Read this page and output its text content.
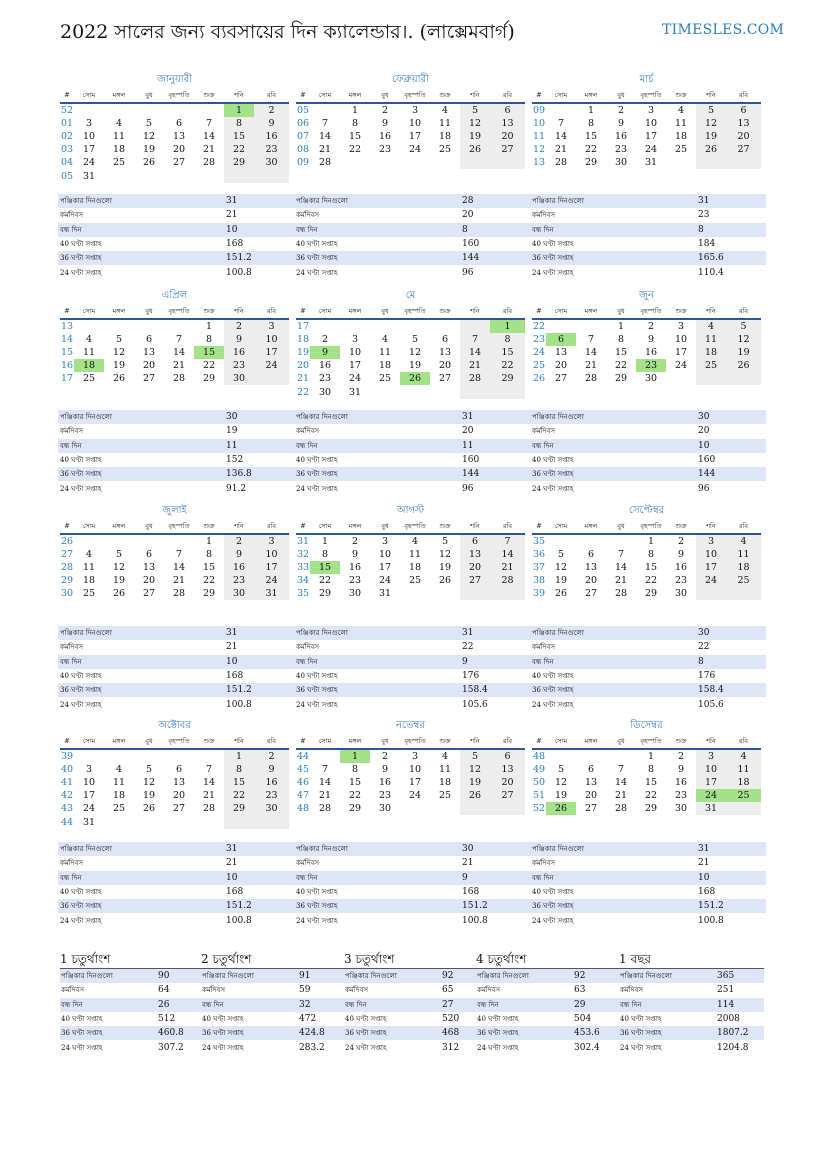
2022 সালের জন্য ব্যবসায়ের দিন ক্যালেন্ডার।. (লাক্সেমবার্গ)	TIMESLES.COM
জানুয়ারী
#	সোম	মঙ্গল	বুধ	বৃহস্পতি	শুক্র	শনি	রবি
52						1	2
01	3	4	5	6	7	8	9
02	10	11	12	13	14	15	16
03	17	18	19	20	21	22	23
04	24	25	26	27	28	29	30
05	31						
পঞ্জিকার দিনগুলো	31
কর্মদিবস	21
বন্ধ দিন	10
40 ঘণ্টা সপ্তাহ	168
36 ঘণ্টা সপ্তাহ	151.2
24 ঘণ্টা সপ্তাহ	100.8
ফেব্রুয়ারী
#	সোম	মঙ্গল	বুধ	বৃহস্পতি	শুক্র	শনি	রবি
05		1	2	3	4	5	6
06	7	8	9	10	11	12	13
07	14	15	16	17	18	19	20
08	21	22	23	24	25	26	27
09	28						
পঞ্জিকার দিনগুলো	28
কর্মদিবস	20
বন্ধ দিন	8
40 ঘণ্টা সপ্তাহ	160
36 ঘণ্টা সপ্তাহ	144
24 ঘণ্টা সপ্তাহ	96
মার্চ
#	সোম	মঙ্গল	বুধ	বৃহস্পতি	শুক্র	শনি	রবি
09		1	2	3	4	5	6
10	7	8	9	10	11	12	13
11	14	15	16	17	18	19	20
12	21	22	23	24	25	26	27
13	28	29	30	31			
পঞ্জিকার দিনগুলো	31
কর্মদিবস	23
বন্ধ দিন	8
40 ঘণ্টা সপ্তাহ	184
36 ঘণ্টা সপ্তাহ	165.6
24 ঘণ্টা সপ্তাহ	110.4
এপ্রিল
#	সোম	মঙ্গল	বুধ	বৃহস্পতি	শুক্র	শনি	রবি
13					1	2	3
14	4	5	6	7	8	9	10
15	11	12	13	14	15	16	17
16	18	19	20	21	22	23	24
17	25	26	27	28	29	30	
পঞ্জিকার দিনগুলো	30
কর্মদিবস	19
বন্ধ দিন	11
40 ঘণ্টা সপ্তাহ	152
36 ঘণ্টা সপ্তাহ	136.8
24 ঘণ্টা সপ্তাহ	91.2
মে
#	সোম	মঙ্গল	বুধ	বৃহস্পতি	শুক্র	শনি	রবি
17							1
18	2	3	4	5	6	7	8
19	9	10	11	12	13	14	15
20	16	17	18	19	20	21	22
21	23	24	25	26	27	28	29
22	30	31					
পঞ্জিকার দিনগুলো	31
কর্মদিবস	20
বন্ধ দিন	11
40 ঘণ্টা সপ্তাহ	160
36 ঘণ্টা সপ্তাহ	144
24 ঘণ্টা সপ্তাহ	96
জুন
#	সোম	মঙ্গল	বুধ	বৃহস্পতি	শুক্র	শনি	রবি
22			1	2	3	4	5
23	6	7	8	9	10	11	12
24	13	14	15	16	17	18	19
25	20	21	22	23	24	25	26
26	27	28	29	30			
পঞ্জিকার দিনগুলো	30
কর্মদিবস	20
বন্ধ দিন	10
40 ঘণ্টা সপ্তাহ	160
36 ঘণ্টা সপ্তাহ	144
24 ঘণ্টা সপ্তাহ	96
জুলাই
#	সোম	মঙ্গল	বুধ	বৃহস্পতি	শুক্র	শনি	রবি
26					1	2	3
27	4	5	6	7	8	9	10
28	11	12	13	14	15	16	17
29	18	19	20	21	22	23	24
30	25	26	27	28	29	30	31
পঞ্জিকার দিনগুলো	31
কর্মদিবস	21
বন্ধ দিন	10
40 ঘণ্টা সপ্তাহ	168
36 ঘণ্টা সপ্তাহ	151.2
24 ঘণ্টা সপ্তাহ	100.8
আগস্ট
#	সোম	মঙ্গল	বুধ	বৃহস্পতি	শুক্র	শনি	রবি
31	1	2	3	4	5	6	7
32	8	9	10	11	12	13	14
33	15	16	17	18	19	20	21
34	22	23	24	25	26	27	28
35	29	30	31				
পঞ্জিকার দিনগুলো	31
কর্মদিবস	22
বন্ধ দিন	9
40 ঘণ্টা সপ্তাহ	176
36 ঘণ্টা সপ্তাহ	158.4
24 ঘণ্টা সপ্তাহ	105.6
সেপ্টেম্বর
#	সোম	মঙ্গল	বুধ	বৃহস্পতি	শুক্র	শনি	রবি
35				1	2	3	4
36	5	6	7	8	9	10	11
37	12	13	14	15	16	17	18
38	19	20	21	22	23	24	25
39	26	27	28	29	30		
পঞ্জিকার দিনগুলো	30
কর্মদিবস	22
বন্ধ দিন	8
40 ঘণ্টা সপ্তাহ	176
36 ঘণ্টা সপ্তাহ	158.4
24 ঘণ্টা সপ্তাহ	105.6
অক্টোবর
#	সোম	মঙ্গল	বুধ	বৃহস্পতি	শুক্র	শনি	রবি
39						1	2
40	3	4	5	6	7	8	9
41	10	11	12	13	14	15	16
42	17	18	19	20	21	22	23
43	24	25	26	27	28	29	30
44	31						
পঞ্জিকার দিনগুলো	31
কর্মদিবস	21
বন্ধ দিন	10
40 ঘণ্টা সপ্তাহ	168
36 ঘণ্টা সপ্তাহ	151.2
24 ঘণ্টা সপ্তাহ	100.8
নভেম্বর
#	সোম	মঙ্গল	বুধ	বৃহস্পতি	শুক্র	শনি	রবি
44		1	2	3	4	5	6
45	7	8	9	10	11	12	13
46	14	15	16	17	18	19	20
47	21	22	23	24	25	26	27
48	28	29	30				
পঞ্জিকার দিনগুলো	30
কর্মদিবস	21
বন্ধ দিন	9
40 ঘণ্টা সপ্তাহ	168
36 ঘণ্টা সপ্তাহ	151.2
24 ঘণ্টা সপ্তাহ	100.8
ডিসেম্বর
#	সোম	মঙ্গল	বুধ	বৃহস্পতি	শুক্র	শনি	রবি
48				1	2	3	4
49	5	6	7	8	9	10	11
50	12	13	14	15	16	17	18
51	19	20	21	22	23	24	25
52	26	27	28	29	30	31	
পঞ্জিকার দিনগুলো	31
কর্মদিবস	21
বন্ধ দিন	10
40 ঘণ্টা সপ্তাহ	168
36 ঘণ্টা সপ্তাহ	151.2
24 ঘণ্টা সপ্তাহ	100.8
1 চতুর্থাংশ
পঞ্জিকার দিনগুলো	90
কর্মদিবস	64
বন্ধ দিন	26
40 ঘণ্টা সপ্তাহ	512
36 ঘণ্টা সপ্তাহ	460.8
24 ঘণ্টা সপ্তাহ	307.2
2 চতুর্থাংশ
পঞ্জিকার দিনগুলো	91
কর্মদিবস	59
বন্ধ দিন	32
40 ঘণ্টা সপ্তাহ	472
36 ঘণ্টা সপ্তাহ	424.8
24 ঘণ্টা সপ্তাহ	283.2
3 চতুর্থাংশ
পঞ্জিকার দিনগুলো	92
কর্মদিবস	65
বন্ধ দিন	27
40 ঘণ্টা সপ্তাহ	520
36 ঘণ্টা সপ্তাহ	468
24 ঘণ্টা সপ্তাহ	312
4 চতুর্থাংশ
পঞ্জিকার দিনগুলো	92
কর্মদিবস	63
বন্ধ দিন	29
40 ঘণ্টা সপ্তাহ	504
36 ঘণ্টা সপ্তাহ	453.6
24 ঘণ্টা সপ্তাহ	302.4
1 বছর
পঞ্জিকার দিনগুলো	365
কর্মদিবস	251
বন্ধ দিন	114
40 ঘণ্টা সপ্তাহ	2008
36 ঘণ্টা সপ্তাহ	1807.2
24 ঘণ্টা সপ্তাহ	1204.8
